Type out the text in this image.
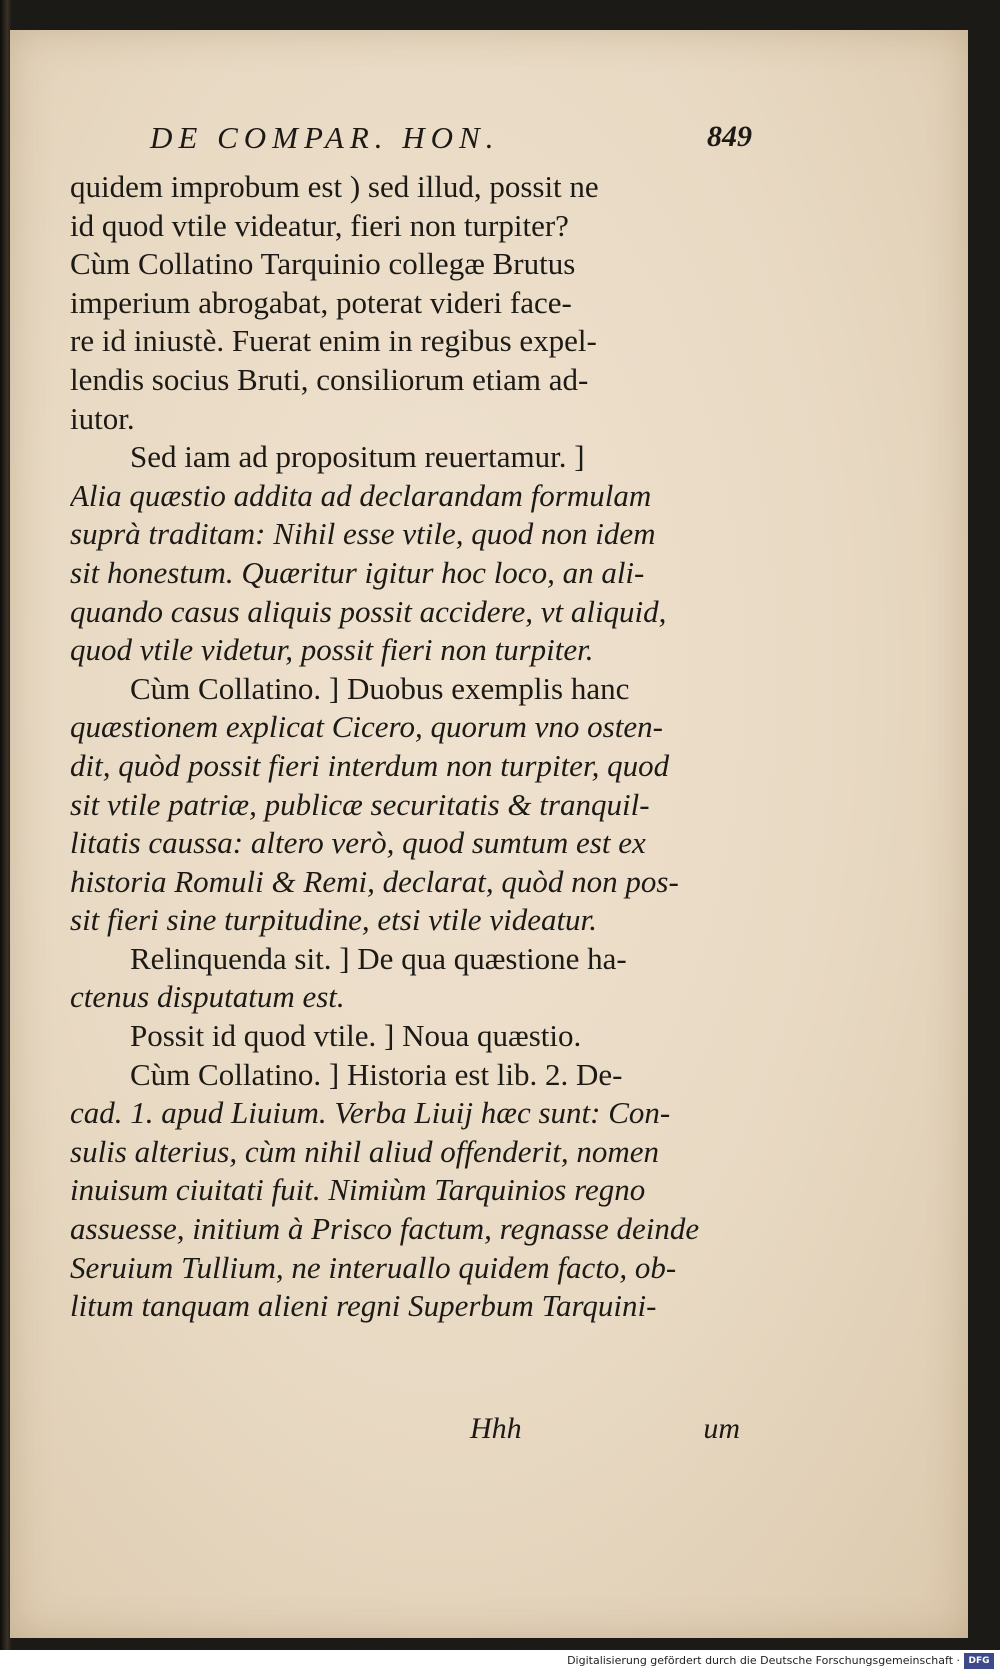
DE COMPAR. HON.	849
quidem improbum est ) sed illud, possit ne
id quod vtile videatur, fieri non turpiter?
Cùm Collatino Tarquinio collegæ Brutus
imperium abrogabat, poterat videri face-
re id iniustè. Fuerat enim in regibus expel-
lendis socius Bruti, consiliorum etiam ad-
iutor.
Sed iam ad propositum reuertamur. ]
Alia quæstio addita ad declarandam formulam
suprà traditam: Nihil esse vtile, quod non idem
sit honestum. Quæritur igitur hoc loco, an ali-
quando casus aliquis possit accidere, vt aliquid,
quod vtile videtur, possit fieri non turpiter.
Cùm Collatino. ] Duobus exemplis hanc
quæstionem explicat Cicero, quorum vno osten-
dit, quòd possit fieri interdum non turpiter, quod
sit vtile patriæ, publicæ securitatis & tranquil-
litatis caussa: altero verò, quod sumtum est ex
historia Romuli & Remi, declarat, quòd non pos-
sit fieri sine turpitudine, etsi vtile videatur.
Relinquenda sit. ] De qua quæstione ha-
ctenus disputatum est.
Possit id quod vtile. ] Noua quæstio.
Cùm Collatino. ] Historia est lib. 2. De-
cad. 1. apud Liuium. Verba Liuij hæc sunt: Con-
sulis alterius, cùm nihil aliud offenderit, nomen
inuisum ciuitati fuit. Nimiùm Tarquinios regno
assuesse, initium à Prisco factum, regnasse deinde
Seruium Tullium, ne interuallo quidem facto, ob-
litum tanquam alieni regni Superbum Tarquini-
Hhh	um
Digitalisierung gefördert durch die Deutsche Forschungsgemeinschaft · DFG
